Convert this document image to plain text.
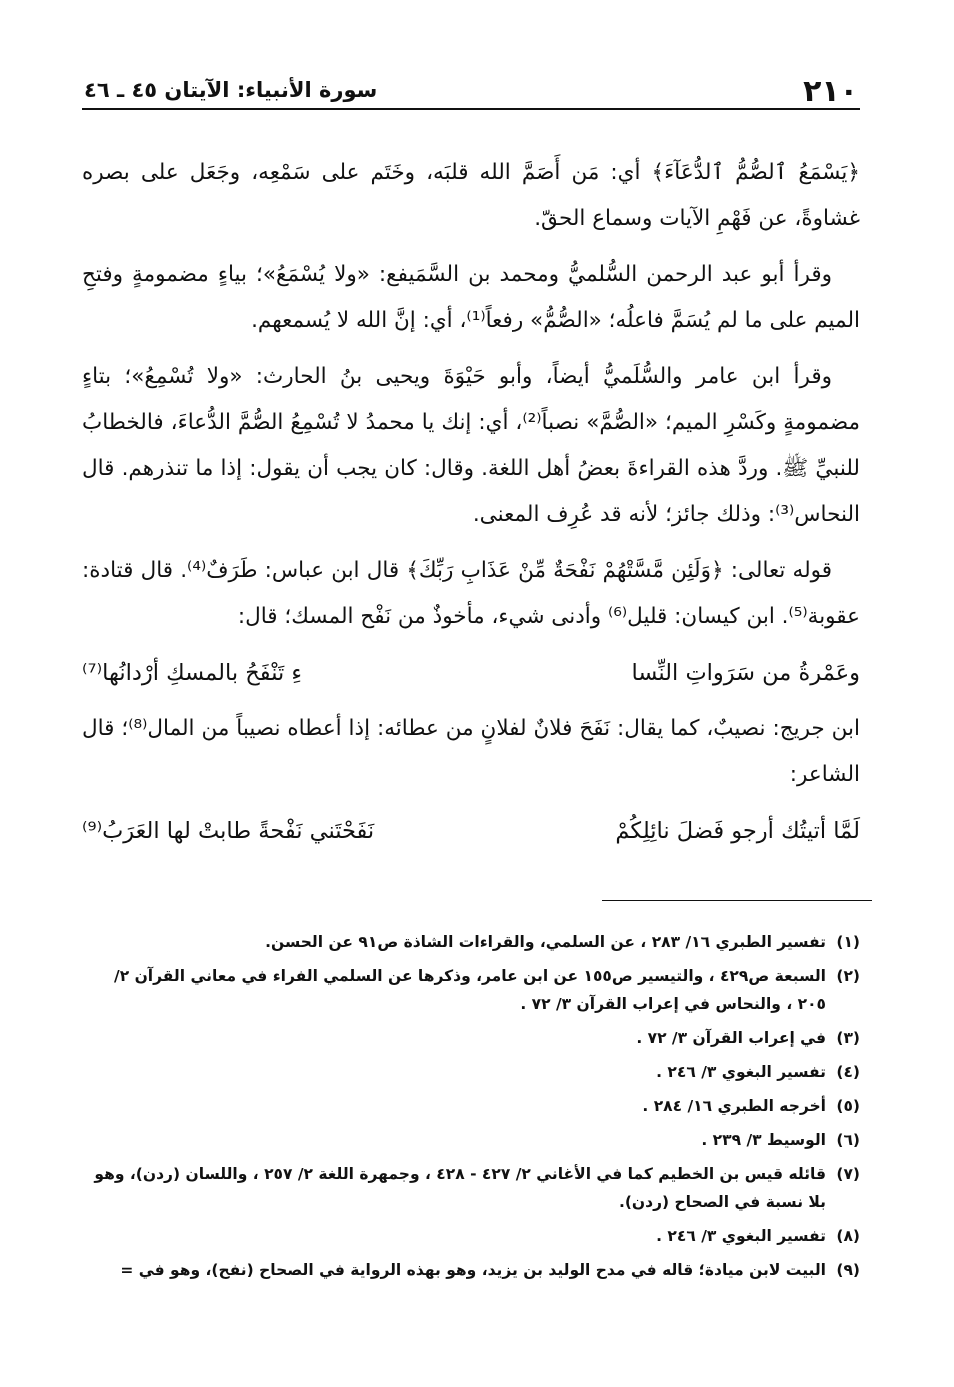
٢١٠
سورة الأنبياء: الآيتان ٤٥ ـ ٤٦

﴿يَسْمَعُ ٱلصُّمُّ ٱلدُّعَآءَ﴾ أي: مَن أَصَمَّ الله قلبَه، وخَتَم على سَمْعِه، وجَعَل على بصره غشاوةً، عن فَهْمِ الآيات وسماع الحقّ.

وقرأ أبو عبد الرحمن السُّلميُّ ومحمد بن السَّمَيفع: «ولا يُسْمَعُ»؛ بياءٍ مضمومةٍ وفتحِ الميم على ما لم يُسَمَّ فاعلُه؛ «الصُّمُّ» رفعاً⁽¹⁾، أي: إنَّ الله لا يُسمعهم.

وقرأ ابن عامر والسُّلَميُّ أيضاً، وأبو حَيْوَةَ ويحيى بنُ الحارث: «ولا تُسْمِعُ»؛ بتاءٍ مضمومةٍ وكَسْرِ الميم؛ «الصُّمَّ» نصباً⁽²⁾، أي: إنك يا محمدُ لا تُسْمِعُ الصُّمَّ الدُّعاءَ، فالخطابُ للنبيِّ ﷺ. وردَّ هذه القراءةَ بعضُ أهل اللغة. وقال: كان يجب أن يقول: إذا ما تنذرهم. قال النحاس⁽³⁾: وذلك جائز؛ لأنه قد عُرِف المعنى.

قوله تعالى: ﴿وَلَئِن مَّسَّتْهُمْ نَفْحَةٌ مِّنْ عَذَابِ رَبِّكَ﴾ قال ابن عباس: طَرَفٌ⁽⁴⁾. قال قتادة: عقوبة⁽⁵⁾. ابن كيسان: قليل⁽⁶⁾ وأدنى شيء، مأخوذٌ من نَفْح المسك؛ قال:

وعَمْرةُ من سَرَواتِ النِّسا
ءِ تَنْفَحُ بالمسكِ أرْدانُها⁽⁷⁾

ابن جريج: نصيبٌ، كما يقال: نَفَحَ فلانٌ لفلانٍ من عطائه: إذا أعطاه نصيباً من المال⁽⁸⁾؛ قال الشاعر:

لَمَّا أتيتُك أرجو فَضلَ نائِلِكُمْ
نَفَحْتَني نَفْحةً طابتْ لها العَرَبُ⁽⁹⁾
(١)
تفسير الطبري ١٦/ ٢٨٣ ، عن السلمي، والقراءات الشاذة ص٩١ عن الحسن.
(٢)
السبعة ص٤٢٩ ، والتيسير ص١٥٥ عن ابن عامر، وذكرها عن السلمي الفراء في معاني القرآن ٢/ ٢٠٥ ، والنحاس في إعراب القرآن ٣/ ٧٢ .
(٣)
في إعراب القرآن ٣/ ٧٢ .
(٤)
تفسير البغوي ٣/ ٢٤٦ .
(٥)
أخرجه الطبري ١٦/ ٢٨٤ .
(٦)
الوسيط ٣/ ٢٣٩ .
(٧)
قائله قيس بن الخطيم كما في الأغاني ٢/ ٤٢٧ - ٤٢٨ ، وجمهرة اللغة ٢/ ٢٥٧ ، واللسان (ردن)، وهو بلا نسبة في الصحاح (ردن).
(٨)
تفسير البغوي ٣/ ٢٤٦ .
(٩)
البيت لابن ميادة؛ قاله في مدح الوليد بن يزيد، وهو بهذه الرواية في الصحاح (نفح)، وهو في =
